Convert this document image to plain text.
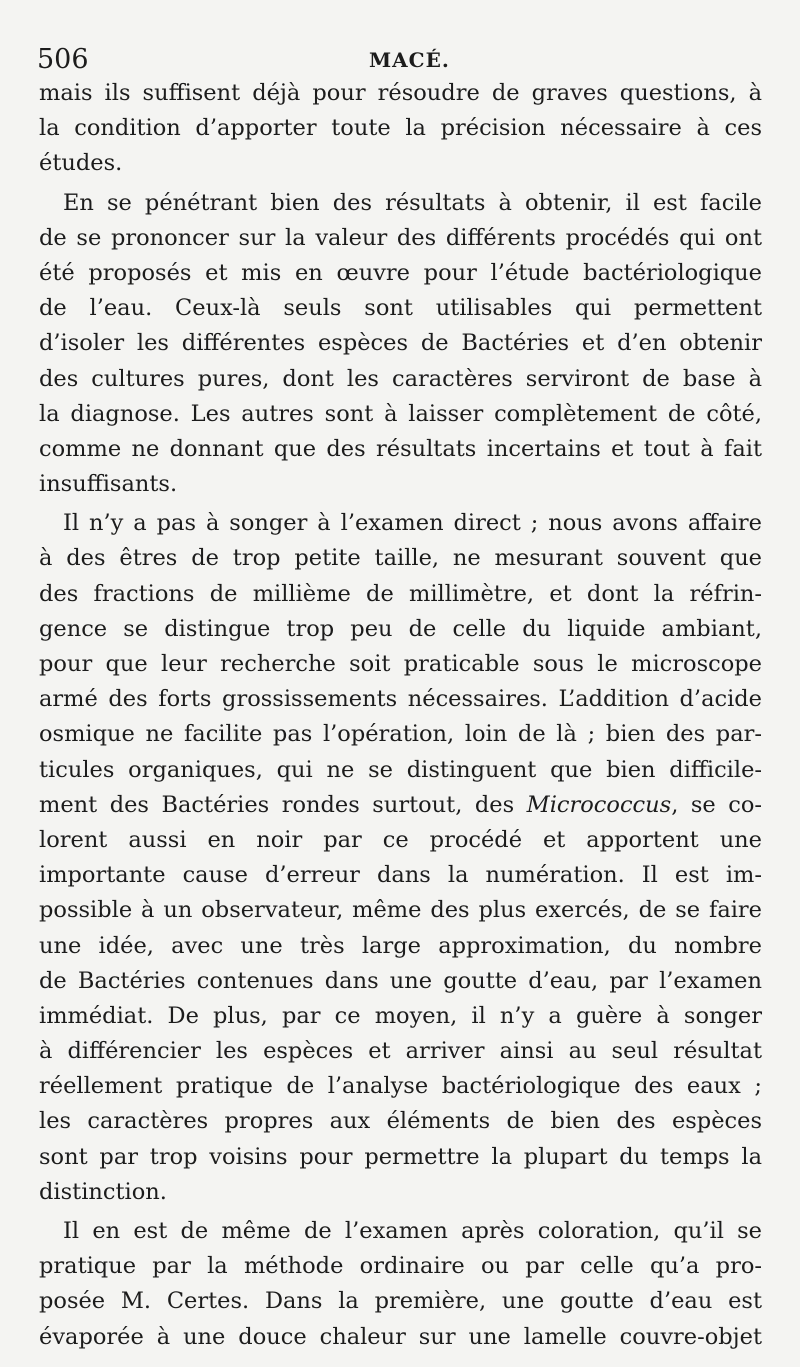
506	MACÉ.
mais ils suffisent déjà pour résoudre de graves questions, à
la condition d’apporter toute la précision nécessaire à ces
études.
En se pénétrant bien des résultats à obtenir, il est facile
de se prononcer sur la valeur des différents procédés qui ont
été proposés et mis en œuvre pour l’étude bactériologique
de l’eau. Ceux-là seuls sont utilisables qui permettent
d’isoler les différentes espèces de Bactéries et d’en obtenir
des cultures pures, dont les caractères serviront de base à
la diagnose. Les autres sont à laisser complètement de côté,
comme ne donnant que des résultats incertains et tout à fait
insuffisants.
Il n’y a pas à songer à l’examen direct ; nous avons affaire
à des êtres de trop petite taille, ne mesurant souvent que
des fractions de millième de millimètre, et dont la réfrin-
gence se distingue trop peu de celle du liquide ambiant,
pour que leur recherche soit praticable sous le microscope
armé des forts grossissements nécessaires. L’addition d’acide
osmique ne facilite pas l’opération, loin de là ; bien des par-
ticules organiques, qui ne se distinguent que bien difficile-
ment des Bactéries rondes surtout, des Micrococcus, se co-
lorent aussi en noir par ce procédé et apportent une
importante cause d’erreur dans la numération. Il est im-
possible à un observateur, même des plus exercés, de se faire
une idée, avec une très large approximation, du nombre
de Bactéries contenues dans une goutte d’eau, par l’examen
immédiat. De plus, par ce moyen, il n’y a guère à songer
à différencier les espèces et arriver ainsi au seul résultat
réellement pratique de l’analyse bactériologique des eaux ;
les caractères propres aux éléments de bien des espèces
sont par trop voisins pour permettre la plupart du temps la
distinction.
Il en est de même de l’examen après coloration, qu’il se
pratique par la méthode ordinaire ou par celle qu’a pro-
posée M. Certes. Dans la première, une goutte d’eau est
évaporée à une douce chaleur sur une lamelle couvre-objet
